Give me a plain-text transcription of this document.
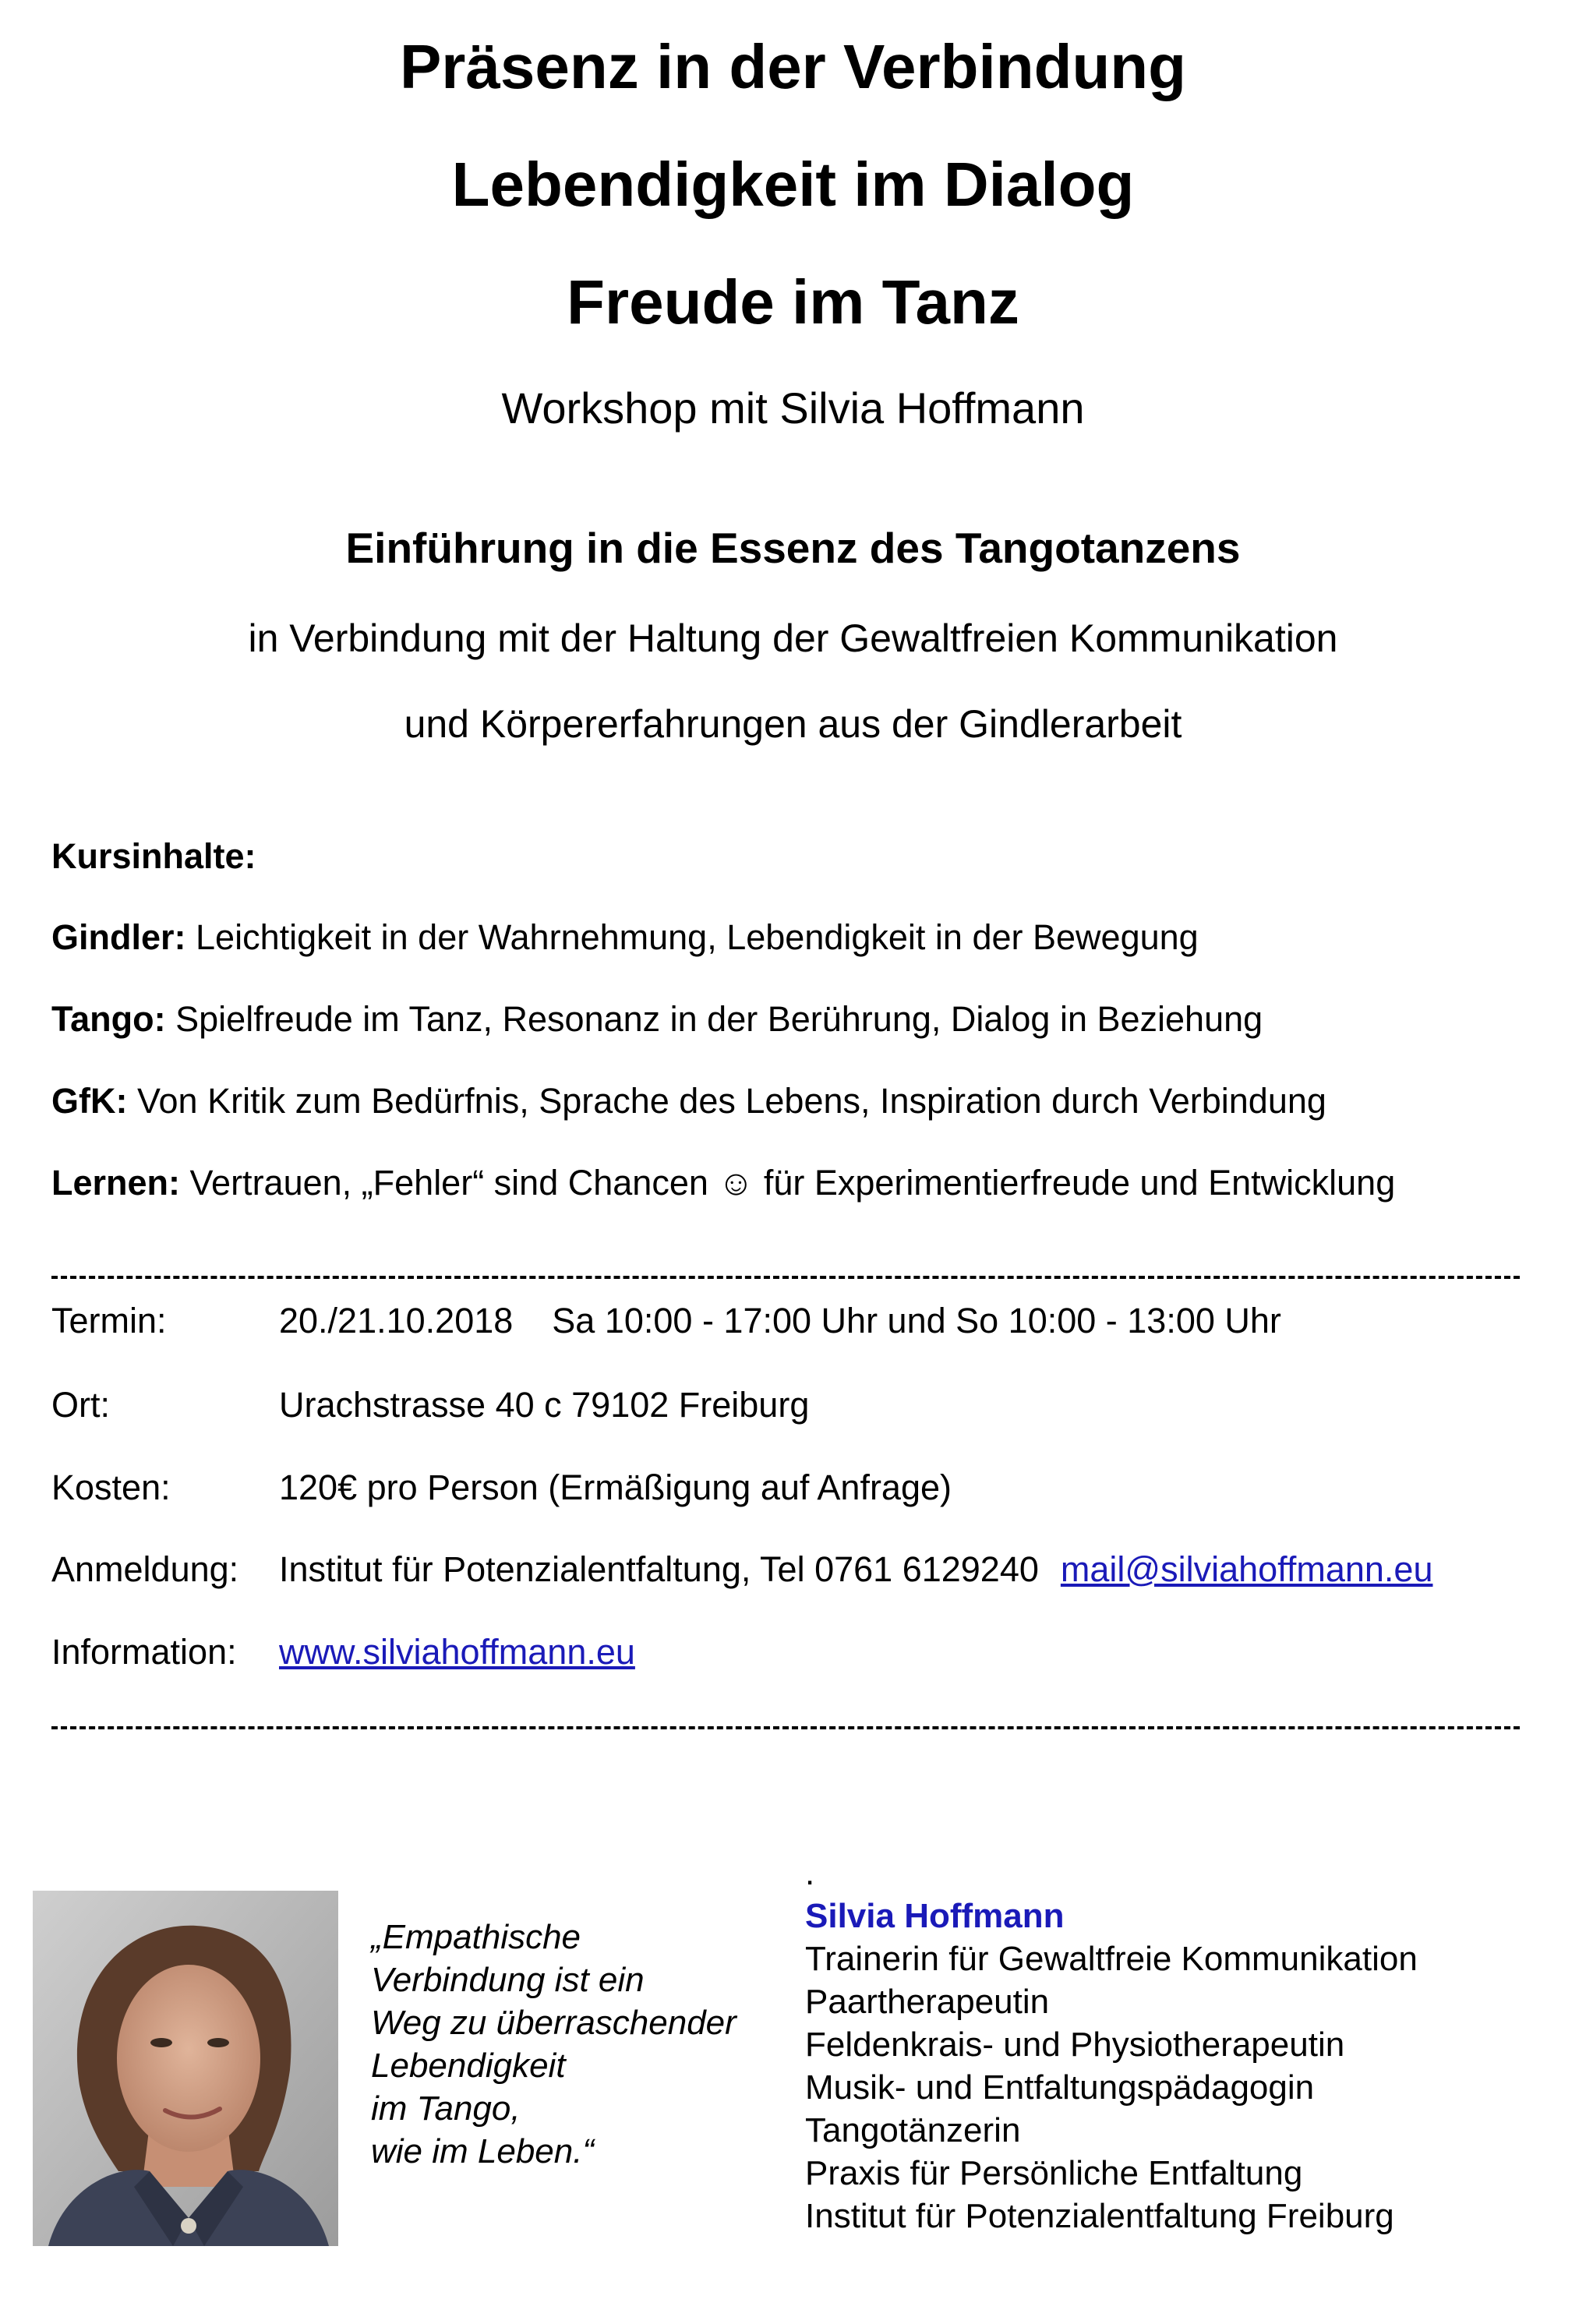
Präsenz in der Verbindung
Lebendigkeit im Dialog
Freude im Tanz
Workshop mit Silvia Hoffmann
Einführung in die Essenz des Tangotanzens
in Verbindung mit der Haltung der Gewaltfreien Kommunikation
und Körpererfahrungen aus der Gindlerarbeit
Kursinhalte:
Gindler: Leichtigkeit in der Wahrnehmung, Lebendigkeit in der Bewegung
Tango: Spielfreude im Tanz, Resonanz in der Berührung, Dialog in Beziehung
GfK: Von Kritik zum Bedürfnis, Sprache des Lebens, Inspiration durch Verbindung
Lernen: Vertrauen, „Fehler“ sind Chancen ☺ für Experimentierfreude und Entwicklung
Termin:	20./21.10.2018    Sa 10:00 - 17:00 Uhr und So 10:00 - 13:00 Uhr
Ort:	Urachstrasse 40 c 79102 Freiburg
Kosten:	120€ pro Person (Ermäßigung auf Anfrage)
Anmeldung: Institut für Potenzialentfaltung, Tel 0761 6129240 mail@silviahoffmann.eu
Information: www.silviahoffmann.eu
„Empathische
Verbindung ist ein
Weg zu überraschender
Lebendigkeit
im Tango,
wie im Leben.“
.
Silvia Hoffmann
Trainerin für Gewaltfreie Kommunikation
Paartherapeutin
Feldenkrais- und Physiotherapeutin
Musik- und Entfaltungspädagogin
Tangotänzerin
Praxis für Persönliche Entfaltung
Institut für Potenzialentfaltung Freiburg
